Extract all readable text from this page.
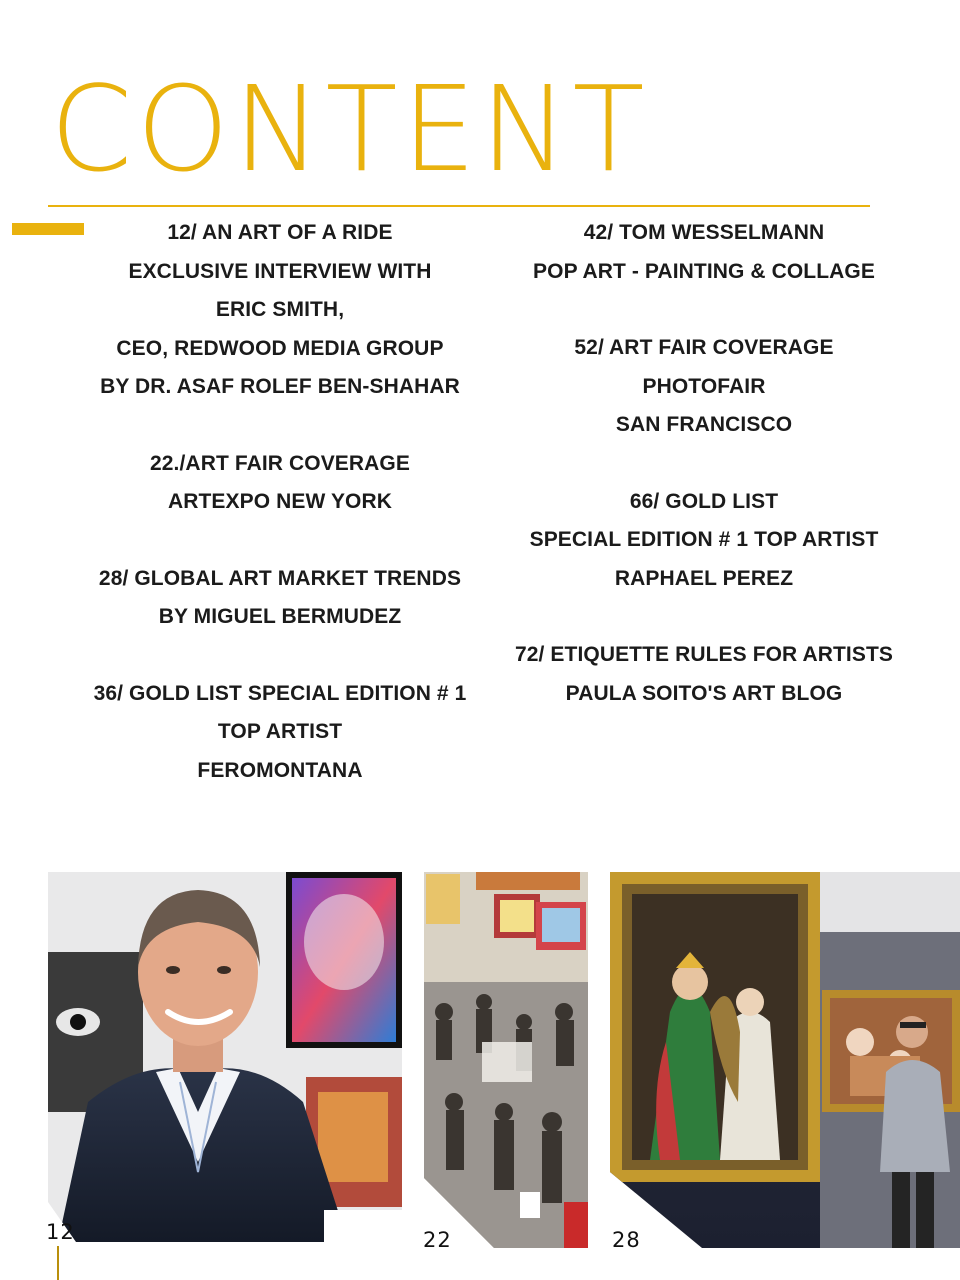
CONTENT
12/ AN ART OF A RIDE
EXCLUSIVE INTERVIEW WITH
ERIC SMITH,
CEO, REDWOOD MEDIA GROUP
BY DR. ASAF ROLEF BEN-SHAHAR
22./ART FAIR COVERAGE
ARTEXPO NEW YORK
28/ GLOBAL ART MARKET TRENDS
BY MIGUEL BERMUDEZ
36/ GOLD LIST SPECIAL EDITION # 1
TOP ARTIST
FEROMONTANA
42/ TOM WESSELMANN
POP ART - PAINTING & COLLAGE
52/ ART FAIR COVERAGE
PHOTOFAIR
SAN FRANCISCO
66/ GOLD LIST
SPECIAL EDITION # 1 TOP ARTIST
RAPHAEL PEREZ
72/ ETIQUETTE RULES FOR ARTISTS
PAULA SOITO'S ART BLOG
12	22	28
